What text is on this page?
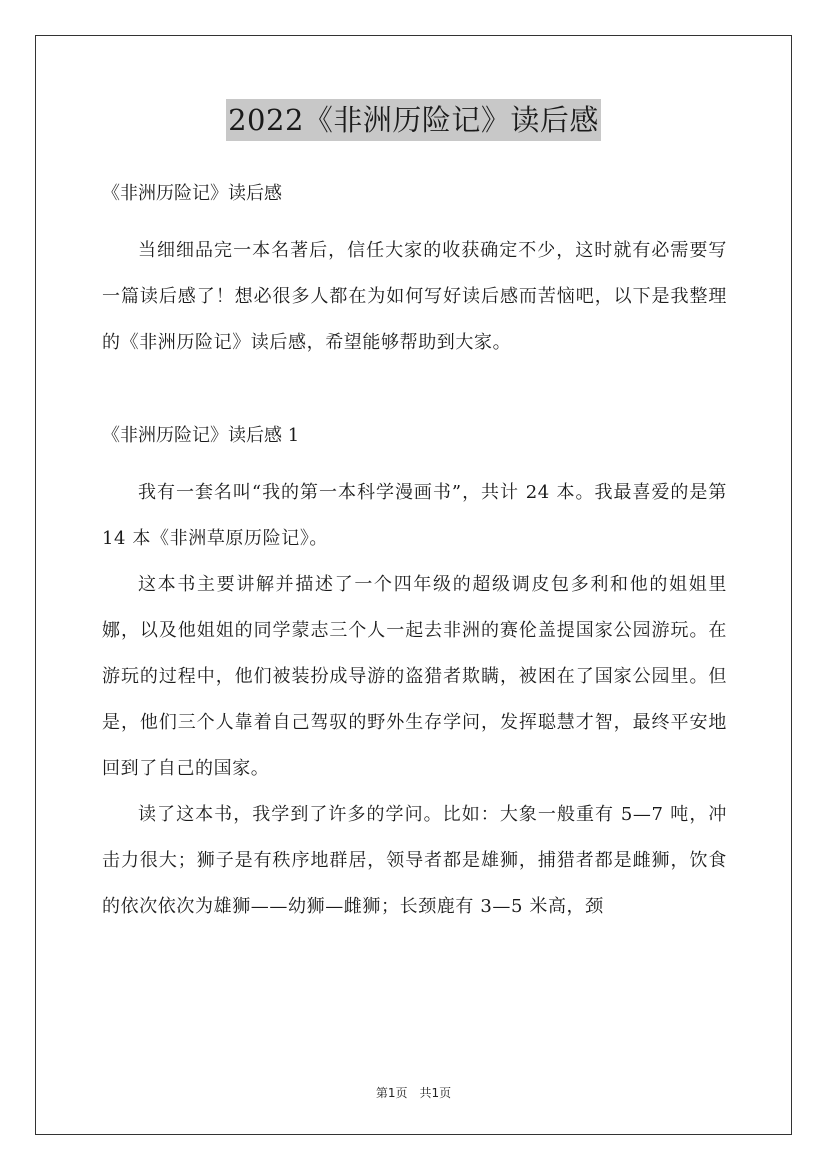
2022《非洲历险记》读后感

《非洲历险记》读后感

当细细品完一本名著后，信任大家的收获确定不少，这时就有必需要写一篇读后感了！想必很多人都在为如何写好读后感而苦恼吧，以下是我整理的《非洲历险记》读后感，希望能够帮助到大家。

《非洲历险记》读后感 1

我有一套名叫“我的第一本科学漫画书”，共计 24 本。我最喜爱的是第 14 本《非洲草原历险记》。

这本书主要讲解并描述了一个四年级的超级调皮包多利和他的姐姐里娜，以及他姐姐的同学蒙志三个人一起去非洲的赛伦盖提国家公园游玩。在游玩的过程中，他们被装扮成导游的盗猎者欺瞒，被困在了国家公园里。但是，他们三个人靠着自己驾驭的野外生存学问，发挥聪慧才智，最终平安地回到了自己的国家。

读了这本书，我学到了许多的学问。比如：大象一般重有 5—7 吨，冲击力很大；狮子是有秩序地群居，领导者都是雄狮，捕猎者都是雌狮，饮食的依次依次为雄狮——幼狮—雌狮；长颈鹿有 3—5 米高，颈

第1页　共1页
